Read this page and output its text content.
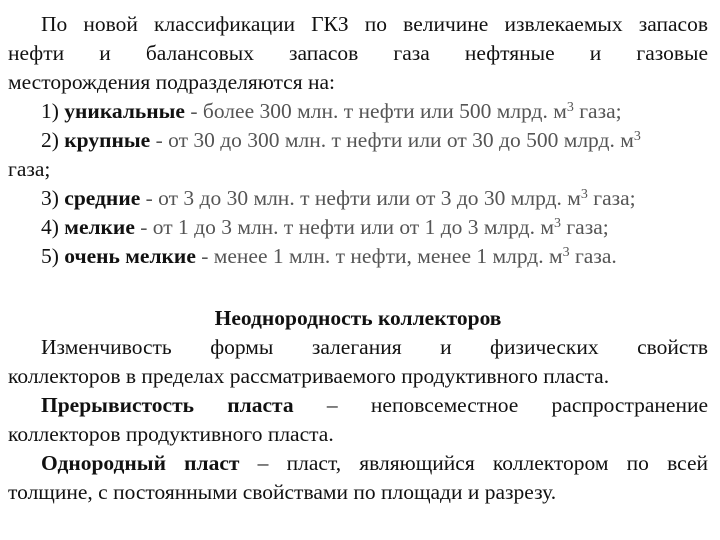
По новой классификации ГКЗ по величине извлекаемых запасов
нефти и балансовых запасов газа нефтяные и газовые
месторождения подразделяются на:
1) уникальные - более 300 млн. т нефти или 500 млрд. $м^3$ газа;
2) крупные - от 30 до 300 млн. т нефти или от 30 до 500 млрд. $м^3$
газа;
3) средние - от 3 до 30 млн. т нефти или от 3 до 30 млрд. $м^3$ газа;
4) мелкие - от 1 до 3 млн. т нефти или от 1 до 3 млрд. $м^3$ газа;
5) очень мелкие - менее 1 млн. т нефти, менее 1 млрд. $м^3$ газа.
Неоднородность коллекторов
Изменчивость формы залегания и физических свойств
коллекторов в пределах рассматриваемого продуктивного пласта.
Прерывистость пласта – неповсеместное распространение
коллекторов продуктивного пласта.
Однородный пласт – пласт, являющийся коллектором по всей
толщине, с постоянными свойствами по площади и разрезу.
